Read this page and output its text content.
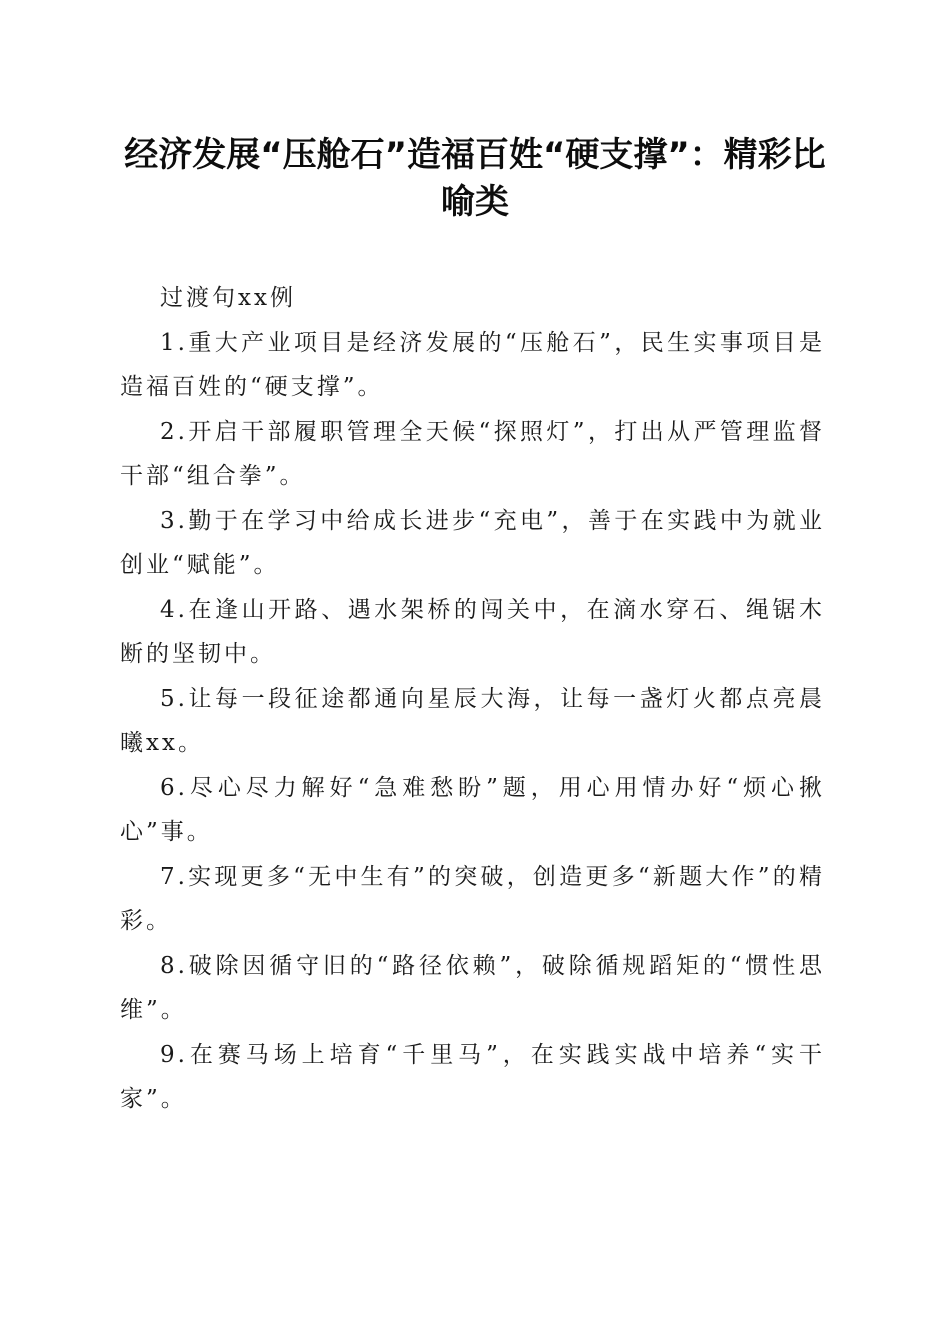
经济发展“压舱石”造福百姓“硬支撑”：精彩比喻类

过渡句xx例

1.重大产业项目是经济发展的“压舱石”，民生实事项目是造福百姓的“硬支撑”。

2.开启干部履职管理全天候“探照灯”，打出从严管理监督干部“组合拳”。

3.勤于在学习中给成长进步“充电”，善于在实践中为就业创业“赋能”。

4.在逢山开路、遇水架桥的闯关中，在滴水穿石、绳锯木断的坚韧中。

5.让每一段征途都通向星辰大海，让每一盏灯火都点亮晨曦xx。

6.尽心尽力解好“急难愁盼”题，用心用情办好“烦心揪心”事。

7.实现更多“无中生有”的突破，创造更多“新题大作”的精彩。

8.破除因循守旧的“路径依赖”，破除循规蹈矩的“惯性思维”。

9.在赛马场上培育“千里马”，在实践实战中培养“实干家”。
